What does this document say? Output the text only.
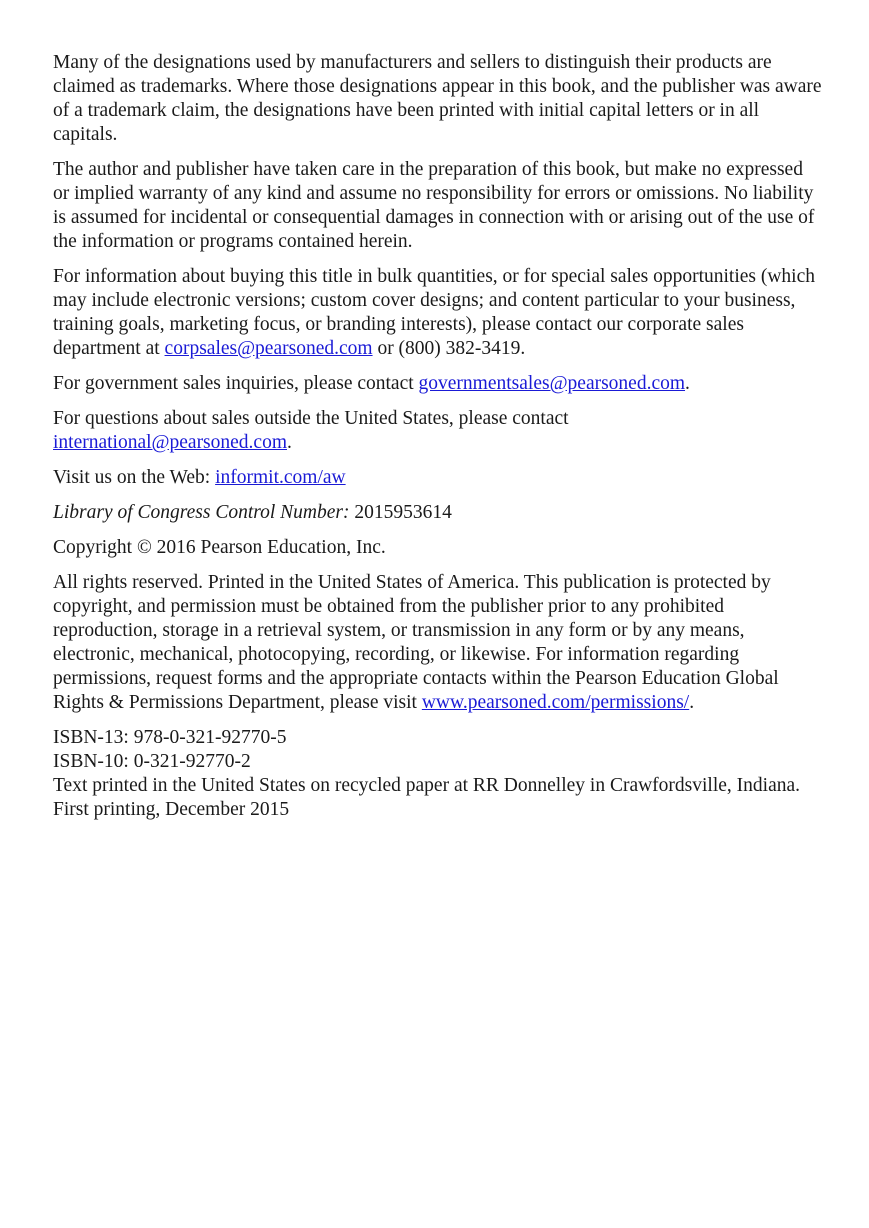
Many of the designations used by manufacturers and sellers to distinguish their products are claimed as trademarks. Where those designations appear in this book, and the publisher was aware of a trademark claim, the designations have been printed with initial capital letters or in all capitals.

The author and publisher have taken care in the preparation of this book, but make no expressed or implied warranty of any kind and assume no responsibility for errors or omissions. No liability is assumed for incidental or consequential damages in connection with or arising out of the use of the information or programs contained herein.

For information about buying this title in bulk quantities, or for special sales opportunities (which may include electronic versions; custom cover designs; and content particular to your business, training goals, marketing focus, or branding interests), please contact our corporate sales department at corpsales@pearsoned.com or (800) 382-3419.

For government sales inquiries, please contact governmentsales@pearsoned.com.

For questions about sales outside the United States, please contact
international@pearsoned.com.

Visit us on the Web: informit.com/aw

Library of Congress Control Number: 2015953614

Copyright © 2016 Pearson Education, Inc.

All rights reserved. Printed in the United States of America. This publication is protected by copyright, and permission must be obtained from the publisher prior to any prohibited reproduction, storage in a retrieval system, or transmission in any form or by any means, electronic, mechanical, photocopying, recording, or likewise. For information regarding permissions, request forms and the appropriate contacts within the Pearson Education Global Rights & Permissions Department, please visit www.pearsoned.com/permissions/.

ISBN-13: 978-0-321-92770-5

ISBN-10: 0-321-92770-2

Text printed in the United States on recycled paper at RR Donnelley in Crawfordsville, Indiana.

First printing, December 2015
